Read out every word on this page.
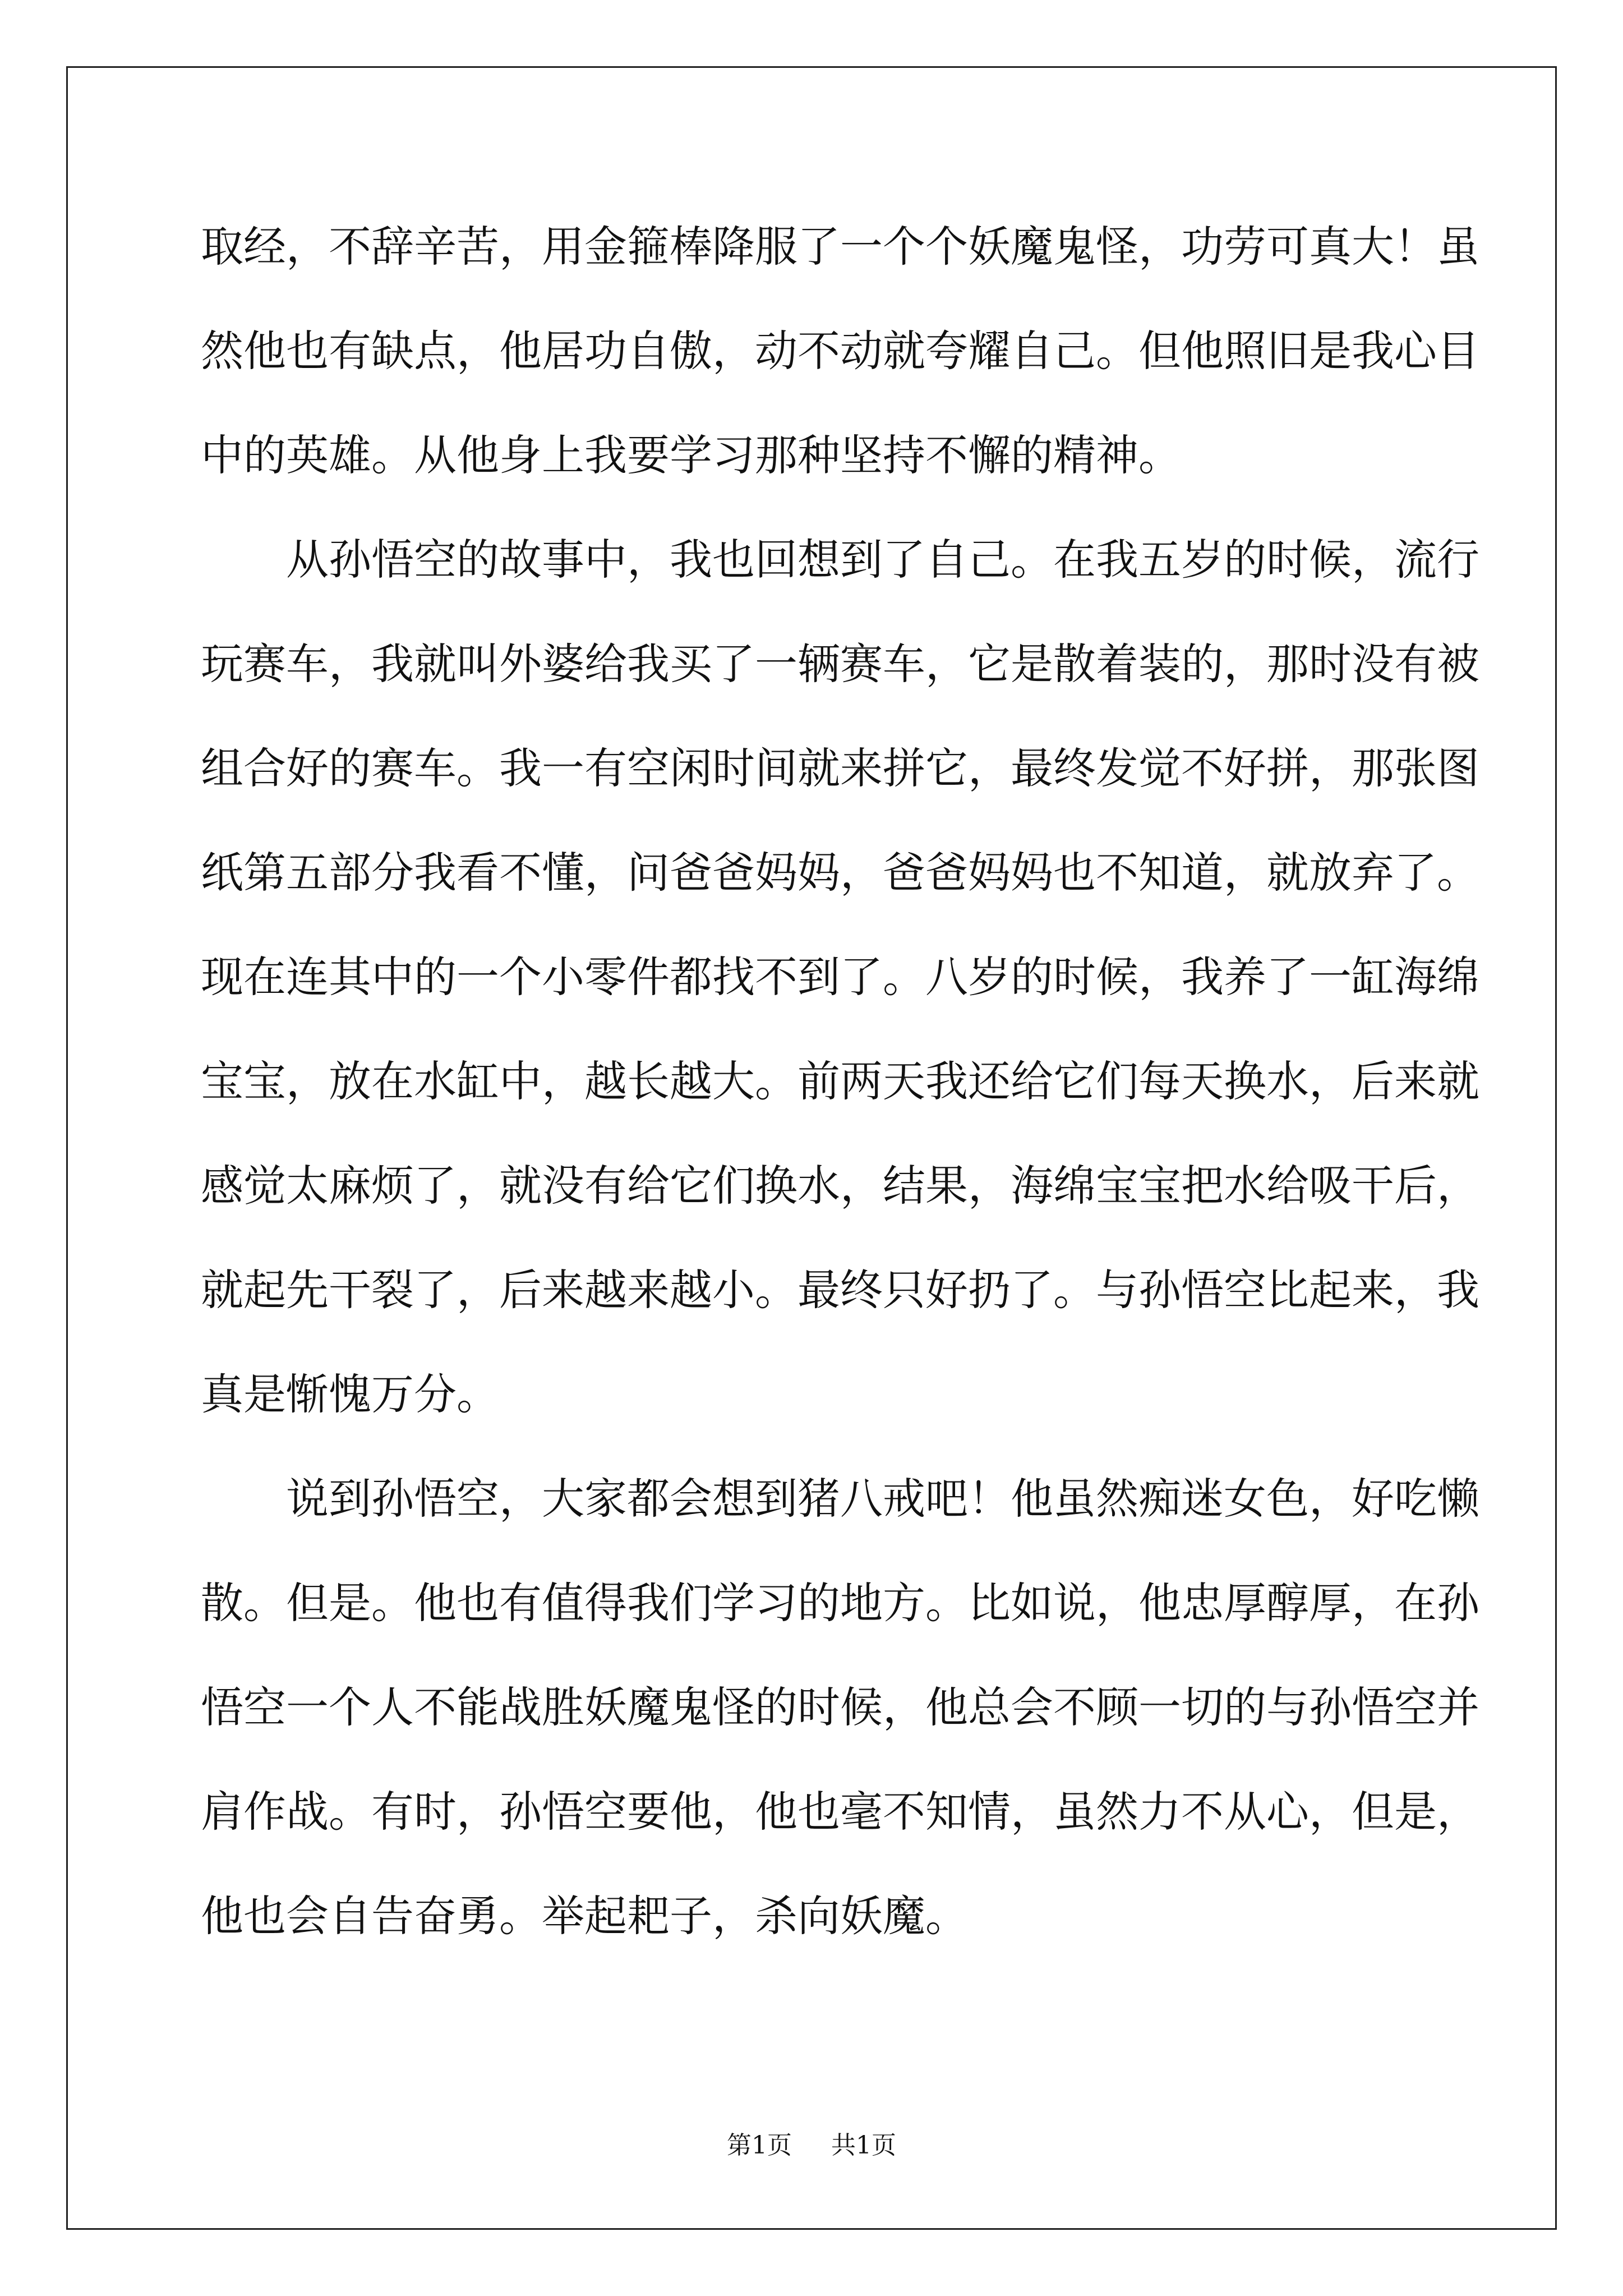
取经，不辞辛苦，用金箍棒降服了一个个妖魔鬼怪，功劳可真大！虽
然他也有缺点，他居功自傲，动不动就夸耀自己。但他照旧是我心目
中的英雄。从他身上我要学习那种坚持不懈的精神。
从孙悟空的故事中，我也回想到了自己。在我五岁的时候，流行
玩赛车，我就叫外婆给我买了一辆赛车，它是散着装的，那时没有被
组合好的赛车。我一有空闲时间就来拼它，最终发觉不好拼，那张图
纸第五部分我看不懂，问爸爸妈妈，爸爸妈妈也不知道，就放弃了。
现在连其中的一个小零件都找不到了。八岁的时候，我养了一缸海绵
宝宝，放在水缸中，越长越大。前两天我还给它们每天换水，后来就
感觉太麻烦了，就没有给它们换水，结果，海绵宝宝把水给吸干后，
就起先干裂了，后来越来越小。最终只好扔了。与孙悟空比起来，我
真是惭愧万分。
说到孙悟空，大家都会想到猪八戒吧！他虽然痴迷女色，好吃懒
散。但是。他也有值得我们学习的地方。比如说，他忠厚醇厚，在孙
悟空一个人不能战胜妖魔鬼怪的时候，他总会不顾一切的与孙悟空并
肩作战。有时，孙悟空要他，他也毫不知情，虽然力不从心，但是，
他也会自告奋勇。举起耙子，杀向妖魔。
第1页 共1页
